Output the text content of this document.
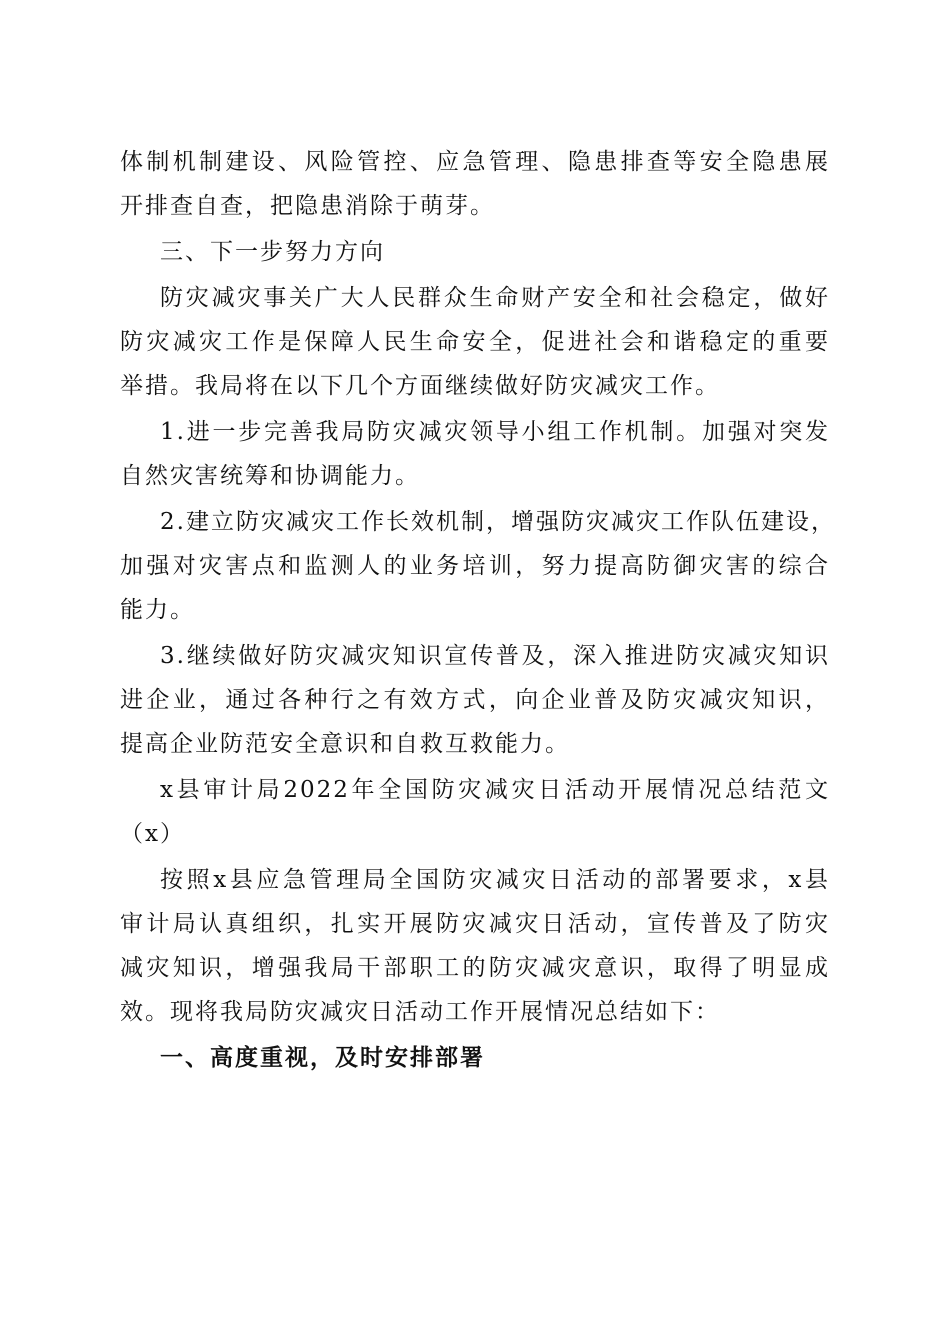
体制机制建设、风险管控、应急管理、隐患排查等安全隐患展
开排查自查，把隐患消除于萌芽。
三、下一步努力方向
防灾减灾事关广大人民群众生命财产安全和社会稳定，做好
防灾减灾工作是保障人民生命安全，促进社会和谐稳定的重要
举措。我局将在以下几个方面继续做好防灾减灾工作。
1.进一步完善我局防灾减灾领导小组工作机制。加强对突发
自然灾害统筹和协调能力。
2.建立防灾减灾工作长效机制，增强防灾减灾工作队伍建设，
加强对灾害点和监测人的业务培训，努力提高防御灾害的综合
能力。
3.继续做好防灾减灾知识宣传普及，深入推进防灾减灾知识
进企业，通过各种行之有效方式，向企业普及防灾减灾知识，
提高企业防范安全意识和自救互救能力。
x县审计局2022年全国防灾减灾日活动开展情况总结范文
（x）
按照x县应急管理局全国防灾减灾日活动的部署要求，x县
审计局认真组织，扎实开展防灾减灾日活动，宣传普及了防灾
减灾知识，增强我局干部职工的防灾减灾意识，取得了明显成
效。现将我局防灾减灾日活动工作开展情况总结如下：
一、高度重视，及时安排部署
